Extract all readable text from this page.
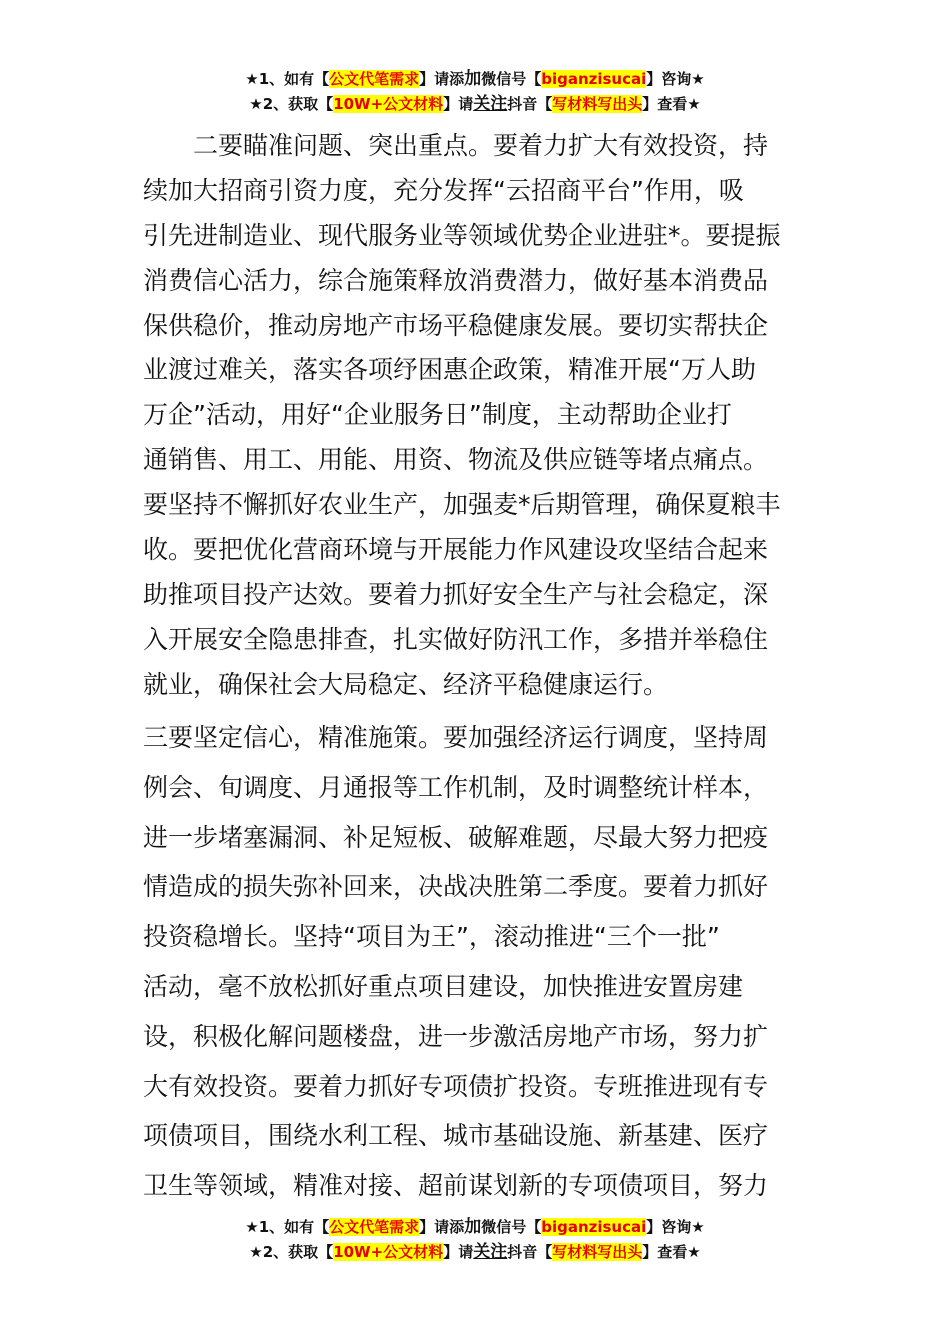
★1、如有【公文代笔需求】请添加微信号【biganzisucai】咨询★
★2、获取【10W+公文材料】请关注抖音【写材料写出头】查看★
　　二要瞄准问题、突出重点。要着力扩大有效投资，持
续加大招商引资力度，充分发挥“云招商平台”作用，吸
引先进制造业、现代服务业等领域优势企业进驻*。要提振
消费信心活力，综合施策释放消费潜力，做好基本消费品
保供稳价，推动房地产市场平稳健康发展。要切实帮扶企
业渡过难关，落实各项纾困惠企政策，精准开展“万人助
万企”活动，用好“企业服务日”制度，主动帮助企业打
通销售、用工、用能、用资、物流及供应链等堵点痛点。
要坚持不懈抓好农业生产，加强麦*后期管理，确保夏粮丰
收。要把优化营商环境与开展能力作风建设攻坚结合起来
助推项目投产达效。要着力抓好安全生产与社会稳定，深
入开展安全隐患排查，扎实做好防汛工作，多措并举稳住
就业，确保社会大局稳定、经济平稳健康运行。
三要坚定信心，精准施策。要加强经济运行调度，坚持周
例会、旬调度、月通报等工作机制，及时调整统计样本，
进一步堵塞漏洞、补足短板、破解难题，尽最大努力把疫
情造成的损失弥补回来，决战决胜第二季度。要着力抓好
投资稳增长。坚持“项目为王”，滚动推进“三个一批”
活动，毫不放松抓好重点项目建设，加快推进安置房建
设，积极化解问题楼盘，进一步激活房地产市场，努力扩
大有效投资。要着力抓好专项债扩投资。专班推进现有专
项债项目，围绕水利工程、城市基础设施、新基建、医疗
卫生等领域，精准对接、超前谋划新的专项债项目，努力
★1、如有【公文代笔需求】请添加微信号【biganzisucai】咨询★
★2、获取【10W+公文材料】请关注抖音【写材料写出头】查看★
